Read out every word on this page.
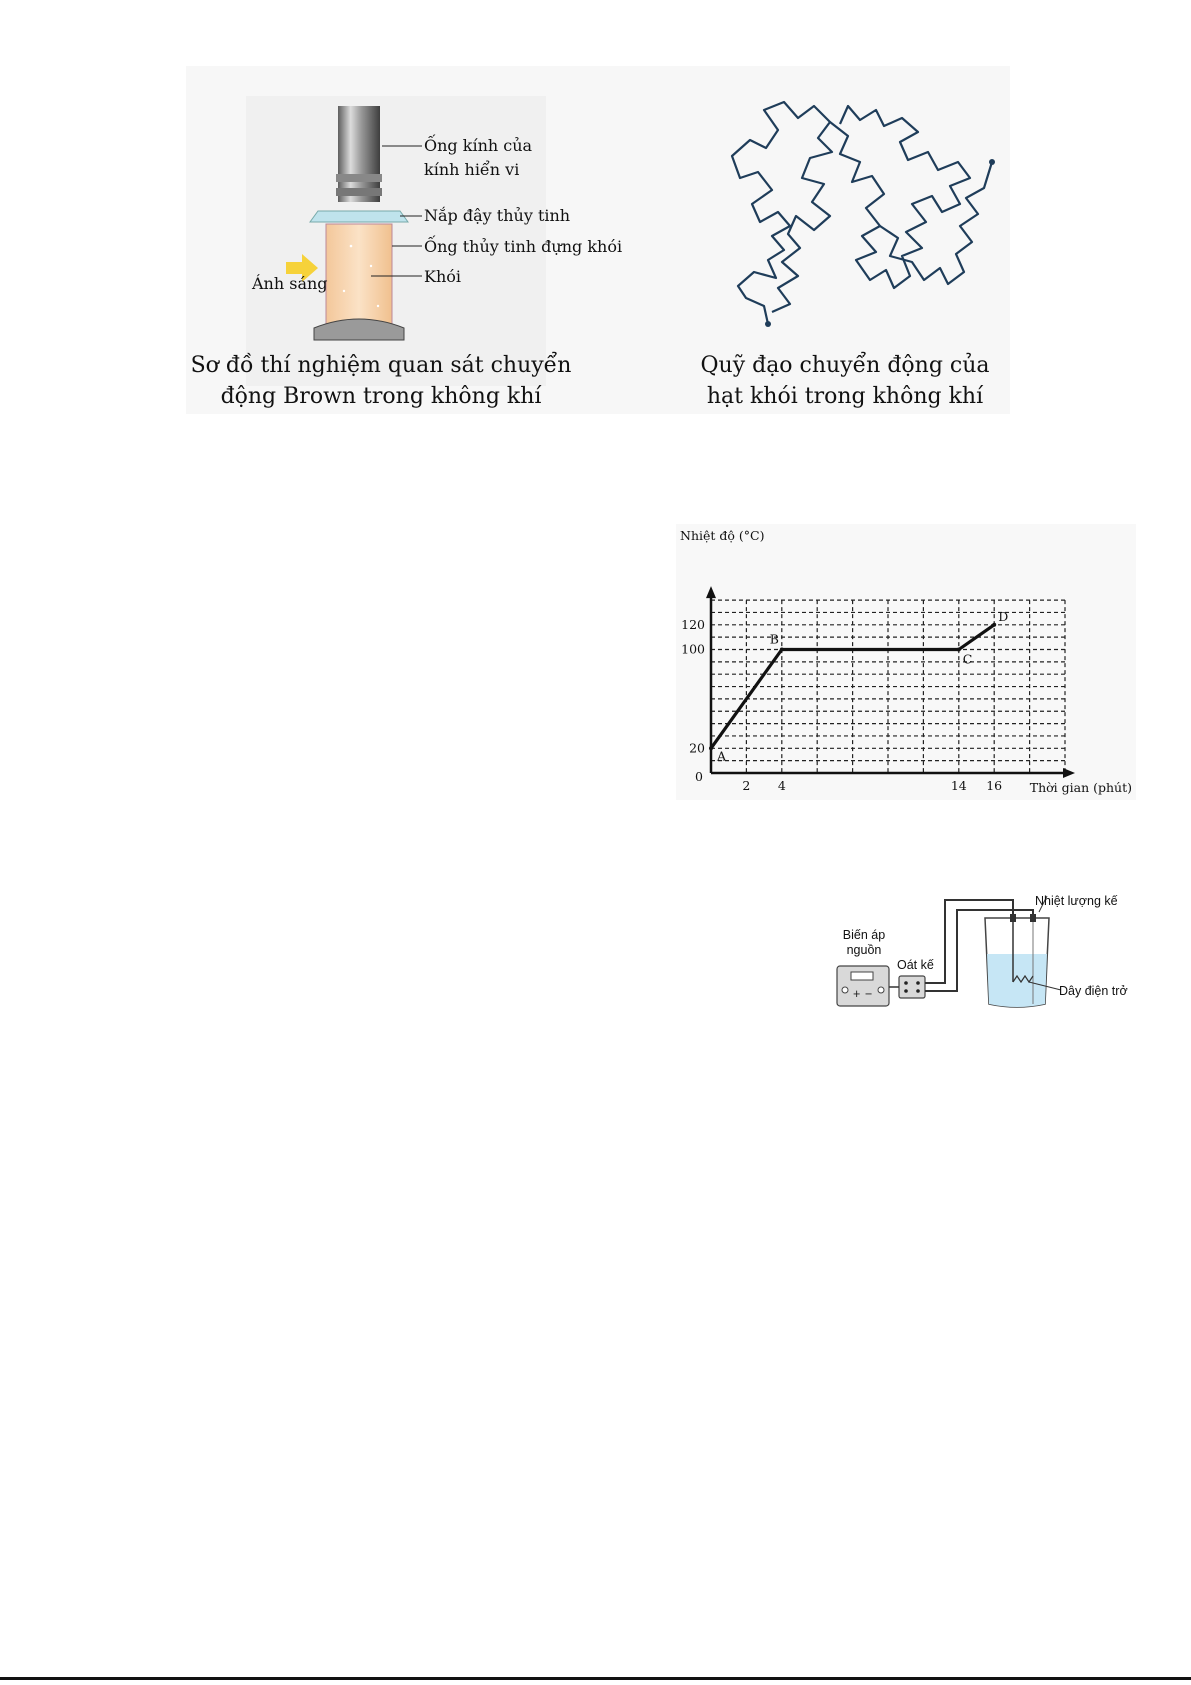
Ống kính của
kính hiển vi
Nắp đậy thủy tinh
Ống thủy tinh đựng khói
Khói
Ánh sáng
Sơ đồ thí nghiệm quan sát chuyển
động Brown trong không khí
Quỹ đạo chuyển động của
hạt khói trong không khí
A
B
C
D
2 4	14 16
20
100
120
0
Nhiệt độ (°C)
Thời gian (phút)
+ −
Biến áp
nguồn
Oát kế
Nhiệt lượng kế
Dây điện trở
